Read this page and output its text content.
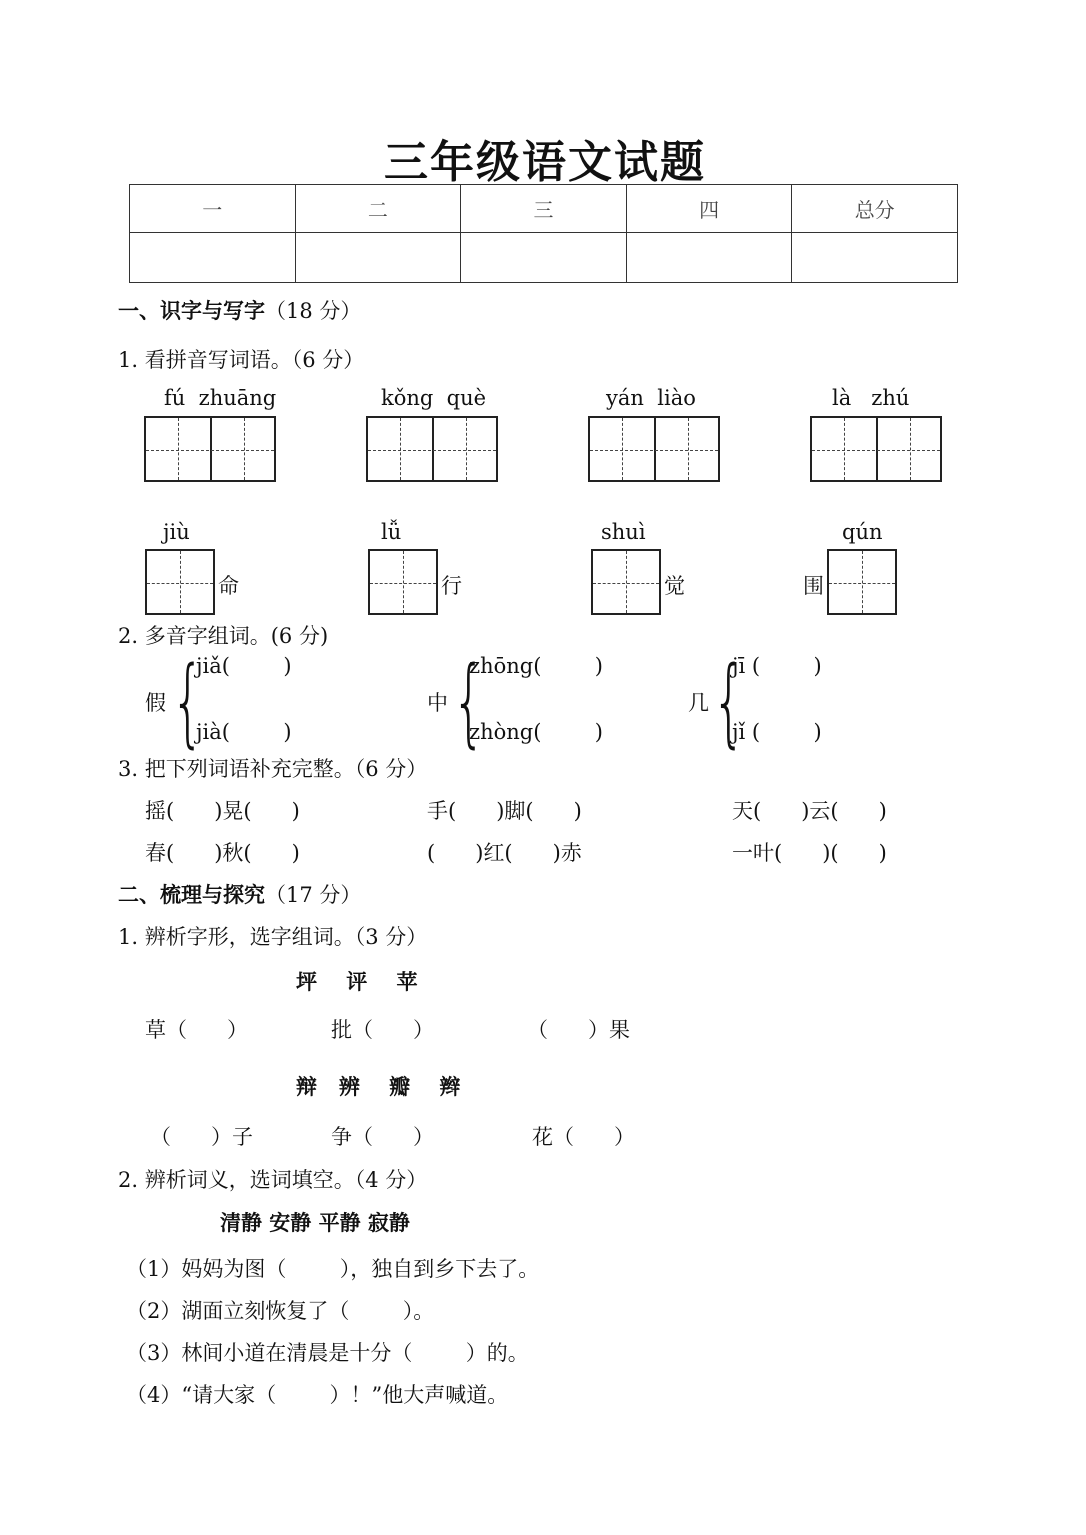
三年级语文试题
一	二	三	四	总分

一、识字与写字（18 分）
1. 看拼音写词语。（6 分）
fú  zhuāng	kǒng  què	yán  liào	là   zhú
jiù
命
lǚ
行
shuì
觉
qún
围
2. 多音字组词。(6 分)
假 {
jiǎ(        )
jià(        )
中 {
zhōng(        )
zhòng(        )
几 {
jī (        )
jǐ (        )
3. 把下列词语补充完整。（6 分）
摇(      )晃(      )	手(      )脚(      )	天(      )云(      )
春(      )秋(      )	(      )红(      )赤	一叶(      )(      )
二、梳理与探究（17 分）
1. 辨析字形，选字组词。（3 分）
坪    评    苹
草（      ）	批（      ）	（      ）果
辩   辨    瓣    辫
（      ）子	争（      ）	花（      ）
2. 辨析词义，选词填空。（4 分）
清静 安静 平静 寂静
（1）妈妈为图（        ），独自到乡下去了。
（2）湖面立刻恢复了（        ）。
（3）林间小道在清晨是十分（        ）的。
（4）“请大家（        ）！”他大声喊道。
